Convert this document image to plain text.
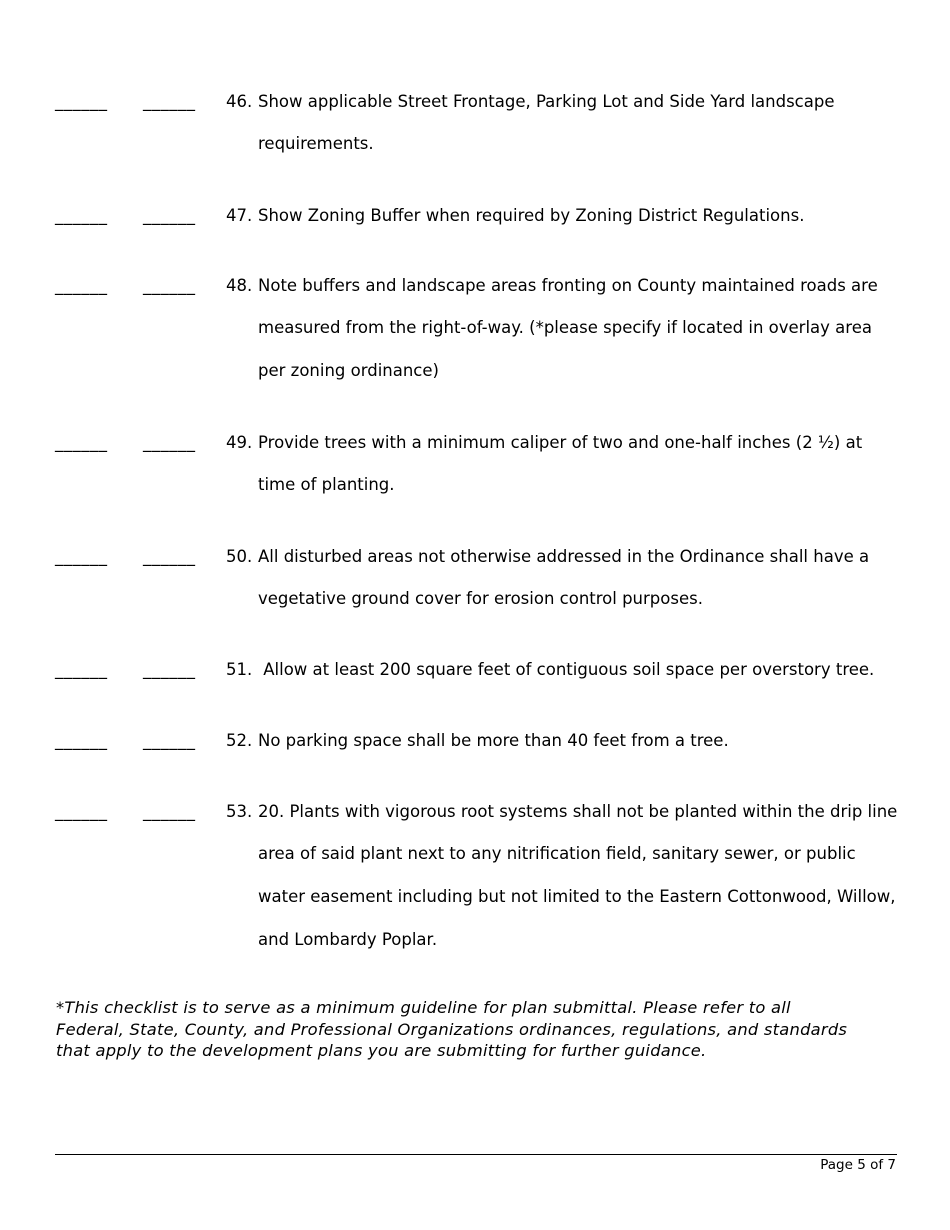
______ ______ 46. Show applicable Street Frontage, Parking Lot and Side Yard landscape requirements.
______ ______ 47. Show Zoning Buffer when required by Zoning District Regulations.
______ ______ 48. Note buffers and landscape areas fronting on County maintained roads are measured from the right-of-way. (*please specify if located in overlay area per zoning ordinance)
______ ______ 49. Provide trees with a minimum caliper of two and one-half inches (2 ½) at time of planting.
______ ______ 50. All disturbed areas not otherwise addressed in the Ordinance shall have a vegetative ground cover for erosion control purposes.
______ ______ 51. Allow at least 200 square feet of contiguous soil space per overstory tree.
______ ______ 52. No parking space shall be more than 40 feet from a tree.
______ ______ 53. 20. Plants with vigorous root systems shall not be planted within the drip line area of said plant next to any nitrification field, sanitary sewer, or public water easement including but not limited to the Eastern Cottonwood, Willow, and Lombardy Poplar.
*This checklist is to serve as a minimum guideline for plan submittal. Please refer to all Federal, State, County, and Professional Organizations ordinances, regulations, and standards that apply to the development plans you are submitting for further guidance.
Page 5 of 7
